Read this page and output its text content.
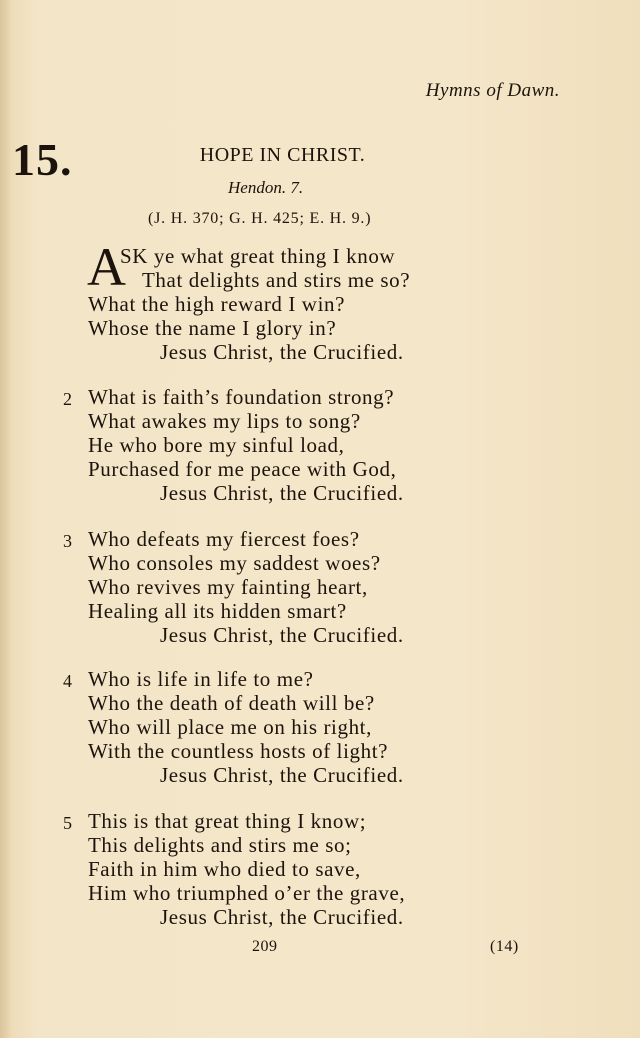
Hymns of Dawn.
15.	HOPE IN CHRIST.
Hendon. 7.
(J. H. 370; G. H. 425; E. H. 9.)
A
SK ye what great thing I know
That delights and stirs me so?
What the high reward I win?
Whose the name I glory in?
Jesus Christ, the Crucified.
2 What is faith’s foundation strong?
What awakes my lips to song?
He who bore my sinful load,
Purchased for me peace with God,
Jesus Christ, the Crucified.
3 Who defeats my fiercest foes?
Who consoles my saddest woes?
Who revives my fainting heart,
Healing all its hidden smart?
Jesus Christ, the Crucified.
4 Who is life in life to me?
Who the death of death will be?
Who will place me on his right,
With the countless hosts of light?
Jesus Christ, the Crucified.
5 This is that great thing I know;
This delights and stirs me so;
Faith in him who died to save,
Him who triumphed o’er the grave,
Jesus Christ, the Crucified.
209	(14)
